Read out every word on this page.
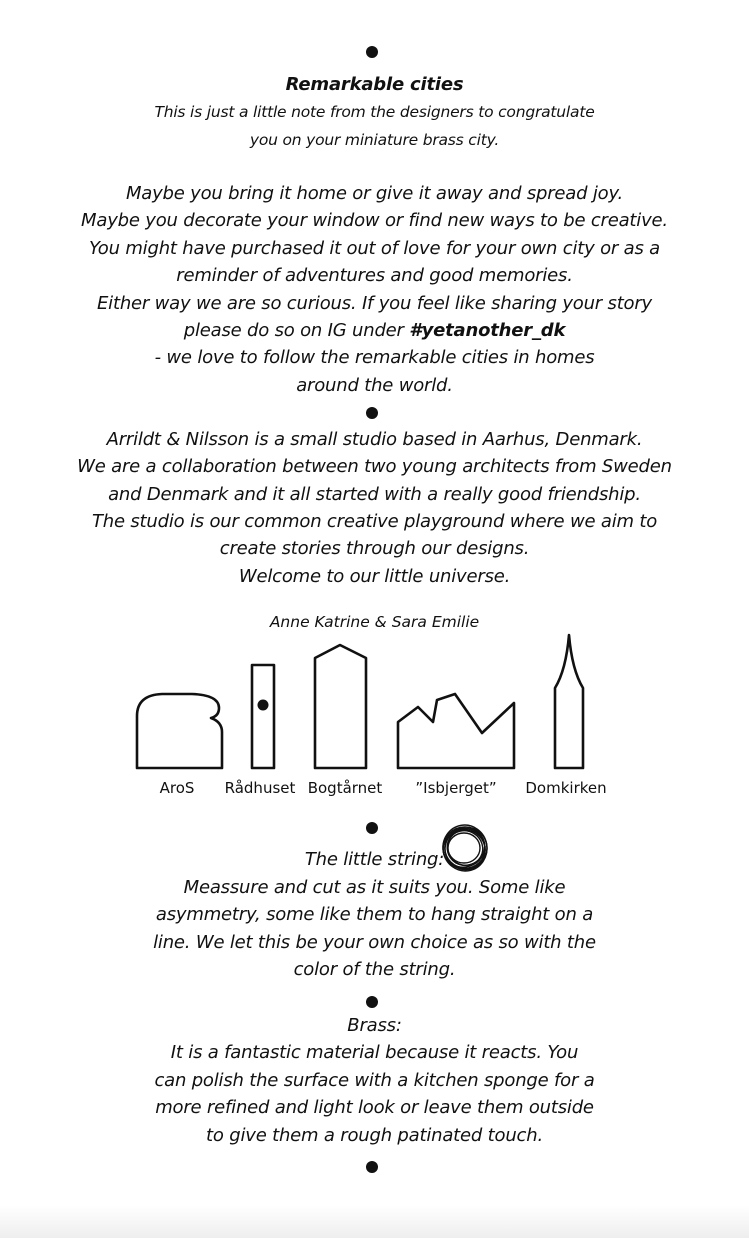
Remarkable cities
This is just a little note from the designers to congratulate
you on your miniature brass city.
Maybe you bring it home or give it away and spread joy.
Maybe you decorate your window or find new ways to be creative.
You might have purchased it out of love for your own city or as a
reminder of adventures and good memories.
Either way we are so curious. If you feel like sharing your story
please do so on IG under #yetanother_dk
- we love to follow the remarkable cities in homes
around the world.
Arrildt & Nilsson is a small studio based in Aarhus, Denmark.
We are a collaboration between two young architects from Sweden
and Denmark and it all started with a really good friendship.
The studio is our common creative playground where we aim to
create stories through our designs.
Welcome to our little universe.
Anne Katrine & Sara Emilie
AroS Rådhuset Bogtårnet ”Isbjerget” Domkirken
The little string:
Meassure and cut as it suits you. Some like
asymmetry, some like them to hang straight on a
line. We let this be your own choice as so with the
color of the string.
Brass:
It is a fantastic material because it reacts. You
can polish the surface with a kitchen sponge for a
more refined and light look or leave them outside
to give them a rough patinated touch.
